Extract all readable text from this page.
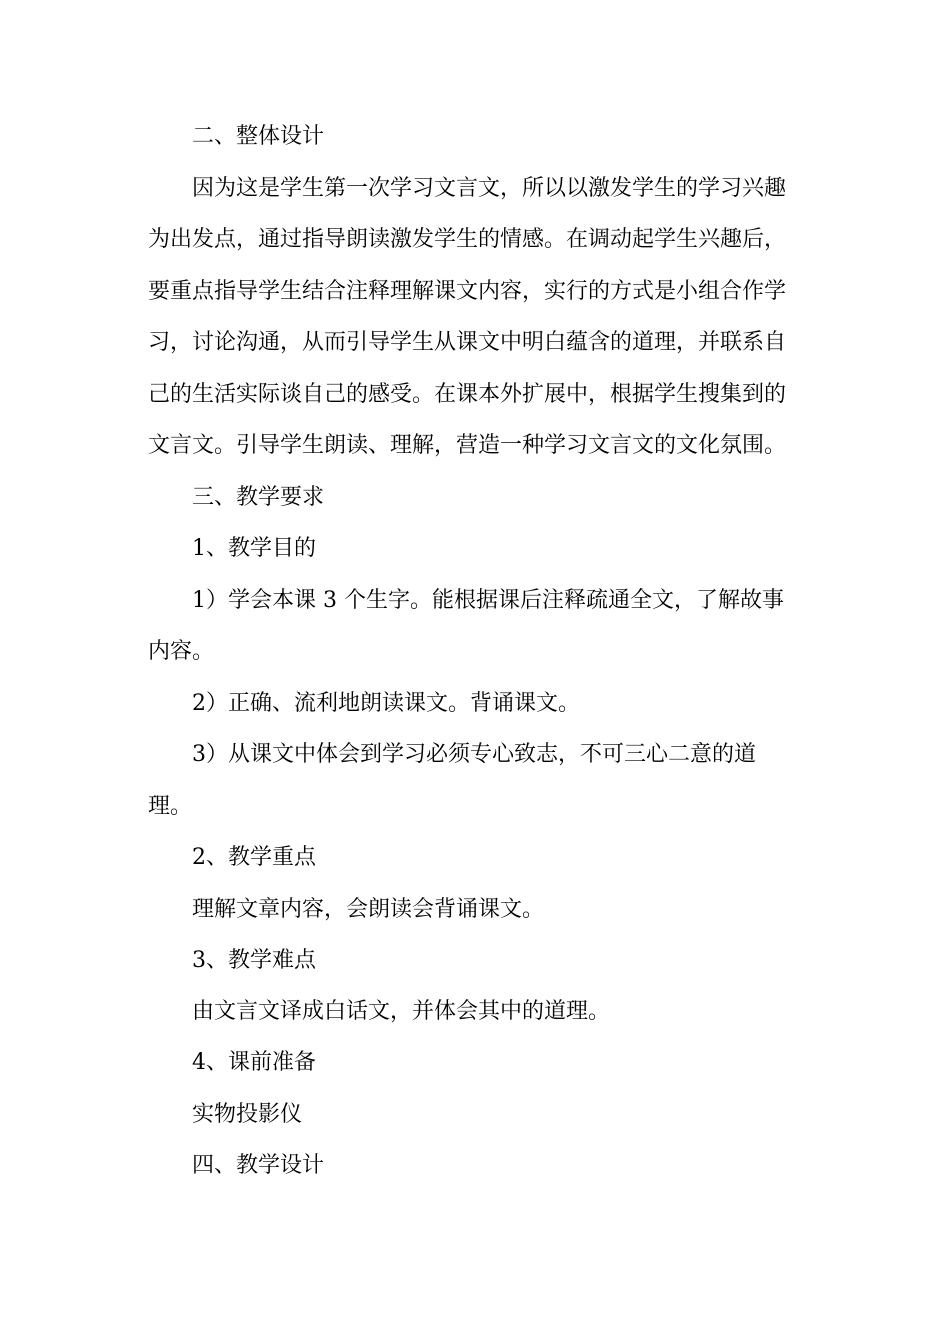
二、整体设计

因为这是学生第一次学习文言文，所以以激发学生的学习兴趣

为出发点，通过指导朗读激发学生的情感。在调动起学生兴趣后，

要重点指导学生结合注释理解课文内容，实行的方式是小组合作学

习，讨论沟通，从而引导学生从课文中明白蕴含的道理，并联系自

己的生活实际谈自己的感受。在课本外扩展中，根据学生搜集到的

文言文。引导学生朗读、理解，营造一种学习文言文的文化氛围。

三、教学要求

1、教学目的

1）学会本课 3 个生字。能根据课后注释疏通全文，了解故事

内容。

2）正确、流利地朗读课文。背诵课文。

3）从课文中体会到学习必须专心致志，不可三心二意的道

理。

2、教学重点

理解文章内容，会朗读会背诵课文。

3、教学难点

由文言文译成白话文，并体会其中的道理。

4、课前准备

实物投影仪

四、教学设计
